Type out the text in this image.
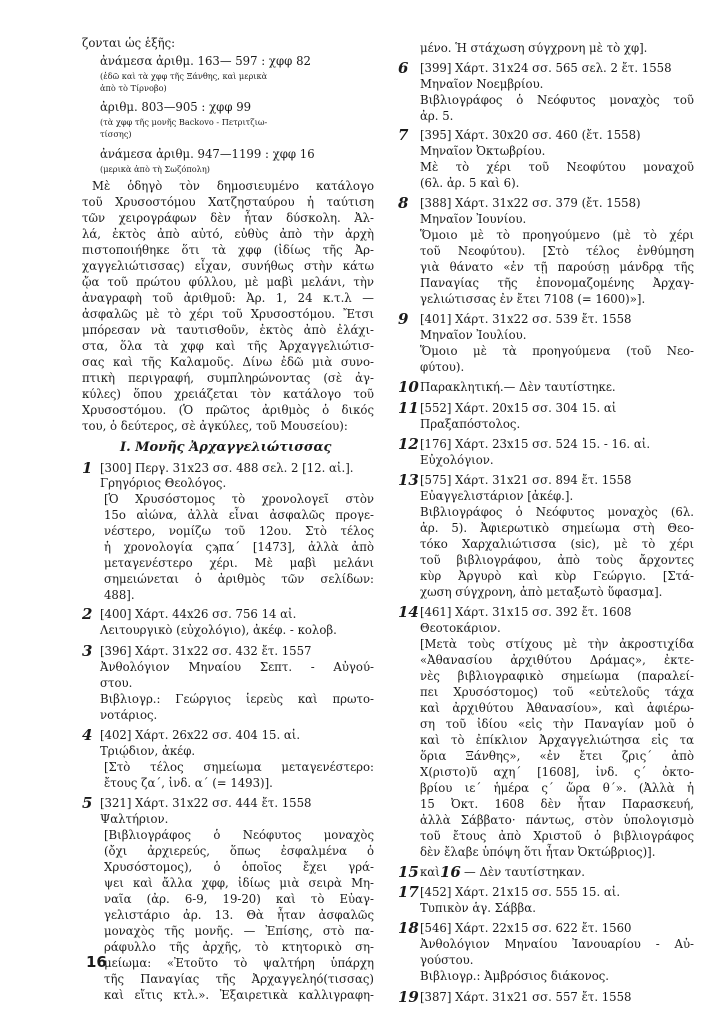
ζονται ὡς ἑξῆς:
ἀνάμεσα ἀριθμ. 163— 597 : χφφ 82
(ἐδῶ καὶ τὰ χφφ τῆς Ξάνθης, καὶ μερικὰ
ἀπὸ τὸ Τίρνοβο)
ἀριθμ. 803—905 : χφφ 99
(τὰ χφφ τῆς μονῆς Backovo - Πετριτζιω-
τίσσης)
ἀνάμεσα ἀριθμ. 947—1199 : χφφ 16
(μερικὰ ἀπὸ τὴ Σωζόπολη)
Μὲ ὁδηγὸ τὸν δημοσιευμένο κατάλογο
τοῦ Χρυσοστόμου Χατζησταύρου ἡ ταύτιση
τῶν χειρογράφων δὲν ἦταν δύσκολη. Ἀλ-
λά, ἐκτὸς ἀπὸ αὐτό, εὐθὺς ἀπὸ τὴν ἀρχὴ
πιστοποιήθηκε ὅτι τὰ χφφ (ἰδίως τῆς Ἀρ-
χαγγελιώτισσας) εἶχαν, συνήθως στὴν κάτω
ᾤα τοῦ πρώτου φύλλου, μὲ μαβὶ μελάνι, τὴν
ἀναγραφὴ τοῦ ἀριθμοῦ: Ἀρ. 1, 24 κ.τ.λ —
ἀσφαλῶς μὲ τὸ χέρι τοῦ Χρυσοστόμου. Ἔτσι
μπόρεσαν νὰ ταυτισθοῦν, ἐκτὸς ἀπὸ ἐλάχι-
στα, ὅλα τὰ χφφ καὶ τῆς Ἀρχαγγελιώτισ-
σας καὶ τῆς Καλαμοῦς. Δίνω ἐδῶ μιὰ συνο-
πτικὴ περιγραφή, συμπληρώνοντας (σὲ ἀγ-
κύλες) ὅπου χρειάζεται τὸν κατάλογο τοῦ
Χρυσοστόμου. (Ὁ πρῶτος ἀριθμὸς ὁ δικός
του, ὁ δεύτερος, σὲ ἀγκύλες, τοῦ Μουσείου):
I. Μονῆς Ἀρχαγγελιώτισσας
[300] Περγ. 31x23 σσ. 488 σελ. 2 [12. αἰ.].
Γρηγόριος Θεολόγος.
[Ὁ Χρυσόστομος τὸ χρονολογεῖ στὸν
15ο αἰώνα, ἀλλὰ εἶναι ἀσφαλῶς προγε-
νέστερο, νομίζω τοῦ 12ου. Στὸ τέλος
ἡ χρονολογία ςϡπα´ [1473], ἀλλὰ ἀπὸ
μεταγενέστερο χέρι. Μὲ μαβὶ μελάνι
σημειώνεται ὁ ἀριθμὸς τῶν σελίδων:
488].
[400] Χάρτ. 44x26 σσ. 756 14 αἰ.
Λειτουργικὸ (εὐχολόγιο), ἀκέφ. - κολοβ.
[396] Χάρτ. 31x22 σσ. 432 ἔτ. 1557
Ἀνθολόγιον Μηναίου Σεπτ. - Αὐγού-
στου.
Βιβλιογρ.: Γεώργιος ἱερεὺς καὶ πρωτο-
νοτάριος.
[402] Χάρτ. 26x22 σσ. 404 15. αἰ.
Τριῴδιον, ἀκέφ.
[Στὸ τέλος σημείωμα μεταγενέστερο:
ἔτους ζα´, ἰνδ. α´ (= 1493)].
[321] Χάρτ. 31x22 σσ. 444 ἔτ. 1558
Ψαλτήριον.
[Βιβλιογράφος ὁ Νεόφυτος μοναχὸς
(ὄχι ἀρχιερεύς, ὅπως ἐσφαλμένα ὁ
Χρυσόστομος), ὁ ὁποῖος ἔχει γρά-
ψει καὶ ἄλλα χφφ, ἰδίως μιὰ σειρὰ Μη-
ναῖα (ἀρ. 6-9, 19-20) καὶ τὸ Εὐαγ-
γελιστάριο ἀρ. 13. Θὰ ἦταν ἀσφαλῶς
μοναχὸς τῆς μονῆς. — Ἐπίσης, στὸ πα-
ράφυλλο τῆς ἀρχῆς, τὸ κτητορικὸ ση-
μείωμα: «Ἐτοῦτο τὸ ψαλτήρη ὑπάρχη
τῆς Παναγίας τῆς Ἀρχαγγεληό(τισσας)
καὶ εἴτις κτλ.». Ἐξαιρετικὰ καλλιγραφη-
1
2
3
4
5
μένο. Ἡ στάχωση σύγχρονη μὲ τὸ χφ].
[399] Χάρτ. 31x24 σσ. 565 σελ. 2 ἔτ. 1558
Μηναῖον Νοεμβρίου.
Βιβλιογράφος ὁ Νεόφυτος μοναχὸς τοῦ
ἀρ. 5.
[395] Χάρτ. 30x20 σσ. 460 (ἔτ. 1558)
Μηναῖον Ὀκτωβρίου.
Μὲ τὸ χέρι τοῦ Νεοφύτου μοναχοῦ
(6λ. ἀρ. 5 καὶ 6).
[388] Χάρτ. 31x22 σσ. 379 (ἔτ. 1558)
Μηναῖον Ἰουνίου.
Ὅμοιο μὲ τὸ προηγούμενο (μὲ τὸ χέρι
τοῦ Νεοφύτου). [Στὸ τέλος ἐνθύμηση
γιὰ θάνατο «ἐν τῇ παρούσῃ μάνδρᾳ τῆς
Παναγίας τῆς ἐπονομαζομένης Ἀρχαγ-
γελιώτισσας ἐν ἔτει 7108 (= 1600)»].
[401] Χάρτ. 31x22 σσ. 539 ἔτ. 1558
Μηναῖον Ἰουλίου.
Ὅμοιο μὲ τὰ προηγούμενα (τοῦ Νεο-
φύτου).
Παρακλητική.— Δὲν ταυτίστηκε.
[552] Χάρτ. 20x15 σσ. 304 15. αἰ
Πραξαπόστολος.
[176] Χάρτ. 23x15 σσ. 524 15. - 16. αἰ.
Εὐχολόγιον.
[575] Χάρτ. 31x21 σσ. 894 ἔτ. 1558
Εὐαγγελιστάριον [ἀκέφ.].
Βιβλιογράφος ὁ Νεόφυτος μοναχὸς (6λ.
ἀρ. 5). Ἀφιερωτικὸ σημείωμα στὴ Θεο-
τόκο Χαρχαλιώτισσα (sic), μὲ τὸ χέρι
τοῦ βιβλιογράφου, ἀπὸ τοὺς ἄρχοντες
κὺρ Ἀργυρὸ καὶ κὺρ Γεώργιο. [Στά-
χωση σύγχρονη, ἀπὸ μεταξωτὸ ὕφασμα].
[461] Χάρτ. 31x15 σσ. 392 ἔτ. 1608
Θεοτοκάριον.
[Μετὰ τοὺς στίχους μὲ τὴν ἀκροστιχίδα
«Ἀθανασίου ἀρχιθύτου Δράμας», ἐκτε-
νὲς βιβλιογραφικὸ σημείωμα (παραλεί-
πει Χρυσόστομος) τοῦ «εὐτελοῦς τάχα
καὶ ἀρχιθύτου Ἀθανασίου», καὶ ἀφιέρω-
ση τοῦ ἰδίου «εἰς τὴν Παναγίαν μοῦ ὁ
καὶ τὸ ἐπίκλιον Ἀρχαγγελιώτησα εἰς τα
ὅρια Ξάνθης», «ἐν ἔτει ζρις´ ἀπὸ
Χ(ριστο)ῦ αχη´ [1608], ἰνδ. ς´ ὀκτο-
βρίου ιε´ ἡμέρα ς´ ὥρα θ´». (Ἀλλὰ ἡ
15 Ὀκτ. 1608 δὲν ἦταν Παρασκευή,
ἀλλὰ Σάββατο· πάντως, στὸν ὑπολογισμὸ
τοῦ ἔτους ἀπὸ Χριστοῦ ὁ βιβλιογράφος
δὲν ἔλαβε ὑπόψη ὅτι ἦταν Ὀκτώβριος)].
καὶ — Δὲν ταυτίστηκαν.
[452] Χάρτ. 21x15 σσ. 555 15. αἰ.
Τυπικὸν ἁγ. Σάββα.
[546] Χάρτ. 22x15 σσ. 622 ἔτ. 1560
Ἀνθολόγιον Μηναίου Ἰανουαρίου - Αὐ-
γούστου.
Βιβλιογρ.: Ἀμβρόσιος διάκονος.
[387] Χάρτ. 31x21 σσ. 557 ἔτ. 1558
6
7
8
9
10
11
12
13
14
15 16
17
18
19
16
